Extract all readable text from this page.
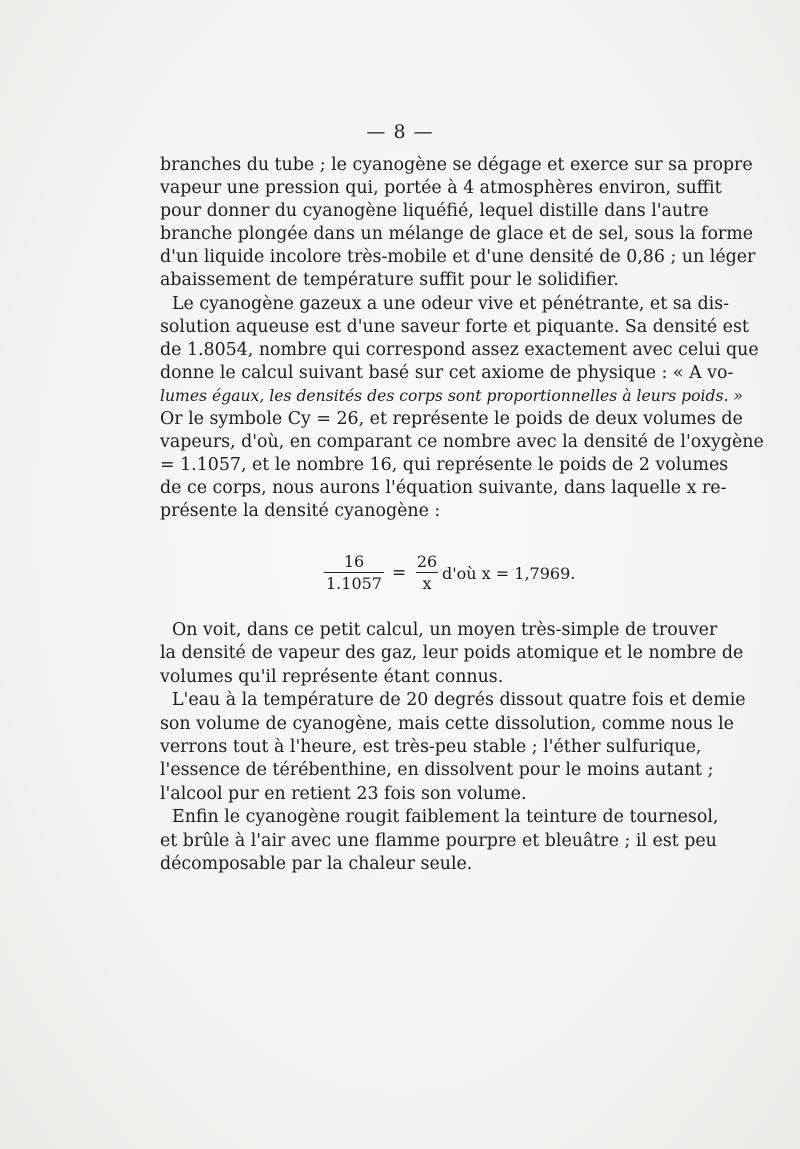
— 8 —
branches du tube ; le cyanogène se dégage et exerce sur sa propre
vapeur une pression qui, portée à 4 atmosphères environ, suffit
pour donner du cyanogène liquéfié, lequel distille dans l'autre
branche plongée dans un mélange de glace et de sel, sous la forme
d'un liquide incolore très-mobile et d'une densité de 0,86 ; un léger
abaissement de température suffit pour le solidifier.
Le cyanogène gazeux a une odeur vive et pénétrante, et sa dis-
solution aqueuse est d'une saveur forte et piquante. Sa densité est
de 1.8054, nombre qui correspond assez exactement avec celui que
donne le calcul suivant basé sur cet axiome de physique : « A vo-
lumes égaux, les densités des corps sont proportionnelles à leurs poids. »
Or le symbole Cy = 26, et représente le poids de deux volumes de
vapeurs, d'où, en comparant ce nombre avec la densité de l'oxygène
= 1.1057, et le nombre 16, qui représente le poids de 2 volumes
de ce corps, nous aurons l'équation suivante, dans laquelle x re-
présente la densité cyanogène :
$\frac{16}{1.1057} = \frac{26}{x}$ d'où x = 1,7969.
On voit, dans ce petit calcul, un moyen très-simple de trouver
la densité de vapeur des gaz, leur poids atomique et le nombre de
volumes qu'il représente étant connus.
L'eau à la température de 20 degrés dissout quatre fois et demie
son volume de cyanogène, mais cette dissolution, comme nous le
verrons tout à l'heure, est très-peu stable ; l'éther sulfurique,
l'essence de térébenthine, en dissolvent pour le moins autant ;
l'alcool pur en retient 23 fois son volume.
Enfin le cyanogène rougit faiblement la teinture de tournesol,
et brûle à l'air avec une flamme pourpre et bleuâtre ; il est peu
décomposable par la chaleur seule.
